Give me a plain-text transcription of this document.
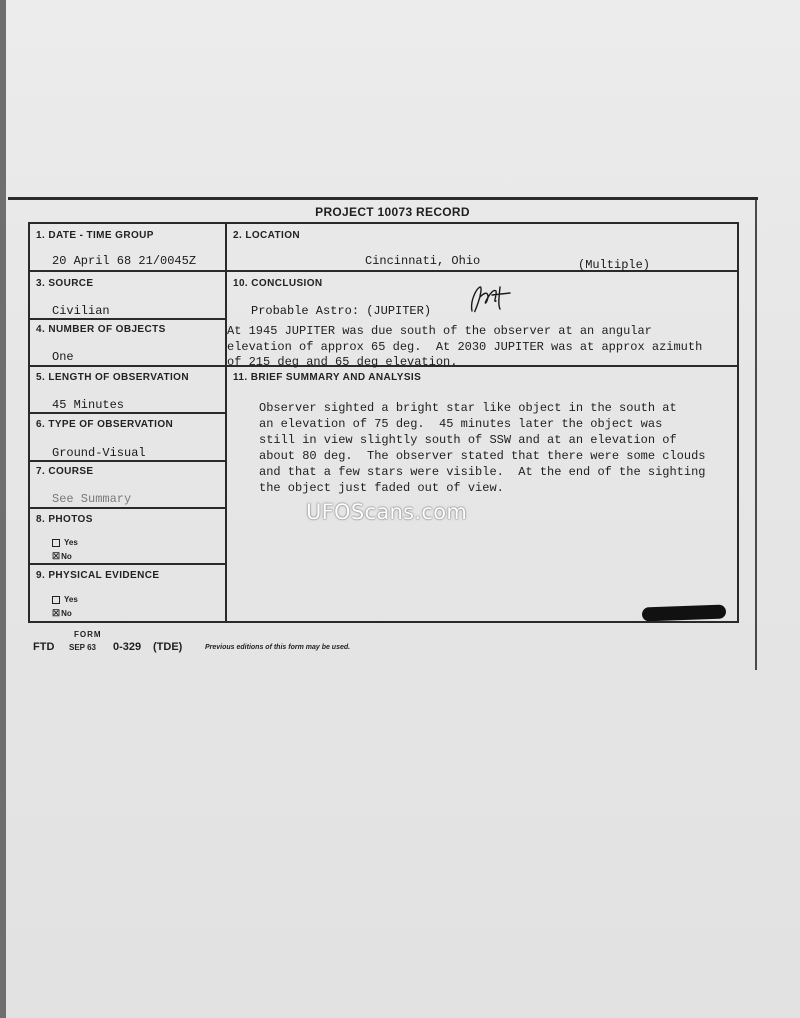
PROJECT 10073 RECORD
1. DATE - TIME GROUP
20 April 68 21/0045Z
2. LOCATION
Cincinnati, Ohio	(Multiple)
3. SOURCE
Civilian
4. NUMBER OF OBJECTS
One
5. LENGTH OF OBSERVATION
45 Minutes
6. TYPE OF OBSERVATION
Ground-Visual
7. COURSE
See Summary
8. PHOTOS
Yes
☒No
9. PHYSICAL EVIDENCE
Yes
☒No
10. CONCLUSION
Probable Astro: (JUPITER)
At 1945 JUPITER was due south of the observer at an angular
elevation of approx 65 deg.  At 2030 JUPITER was at approx azimuth
of 215 deg and 65 deg elevation.
11. BRIEF SUMMARY AND ANALYSIS
Observer sighted a bright star like object in the south at
an elevation of 75 deg.  45 minutes later the object was
still in view slightly south of SSW and at an elevation of
about 80 deg.  The observer stated that there were some clouds
and that a few stars were visible.  At the end of the sighting
the object just faded out of view.
UFOScans.com
FORM
FTD SEP 63 0-329 (TDE)	Previous editions of this form may be used.
